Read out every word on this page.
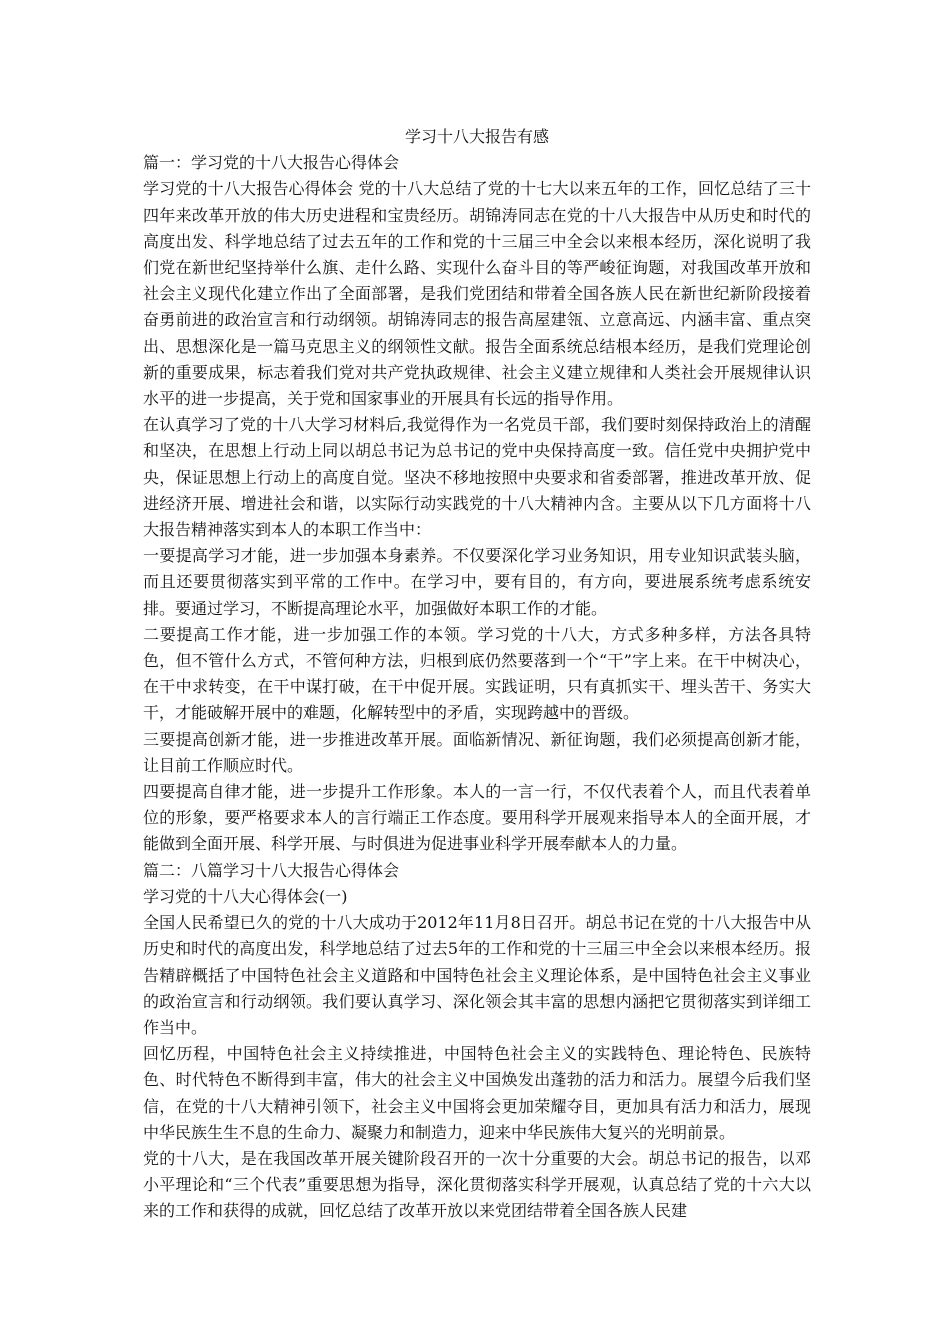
学习十八大报告有感

篇一：学习党的十八大报告心得体会

学习党的十八大报告心得体会 党的十八大总结了党的十七大以来五年的工作，回忆总结了三十四年来改革开放的伟大历史进程和宝贵经历。胡锦涛同志在党的十八大报告中从历史和时代的高度出发、科学地总结了过去五年的工作和党的十三届三中全会以来根本经历，深化说明了我们党在新世纪坚持举什么旗、走什么路、实现什么奋斗目的等严峻征询题，对我国改革开放和社会主义现代化建立作出了全面部署，是我们党团结和带着全国各族人民在新世纪新阶段接着奋勇前进的政治宣言和行动纲领。胡锦涛同志的报告高屋建瓴、立意高远、内涵丰富、重点突出、思想深化是一篇马克思主义的纲领性文献。报告全面系统总结根本经历，是我们党理论创新的重要成果，标志着我们党对共产党执政规律、社会主义建立规律和人类社会开展规律认识水平的进一步提高，关于党和国家事业的开展具有长远的指导作用。

在认真学习了党的十八大学习材料后,我觉得作为一名党员干部，我们要时刻保持政治上的清醒和坚决，在思想上行动上同以胡总书记为总书记的党中央保持高度一致。信任党中央拥护党中央，保证思想上行动上的高度自觉。坚决不移地按照中央要求和省委部署，推进改革开放、促进经济开展、增进社会和谐，以实际行动实践党的十八大精神内含。主要从以下几方面将十八大报告精神落实到本人的本职工作当中：

一要提高学习才能，进一步加强本身素养。不仅要深化学习业务知识，用专业知识武装头脑，而且还要贯彻落实到平常的工作中。在学习中，要有目的，有方向，要进展系统考虑系统安排。要通过学习，不断提高理论水平，加强做好本职工作的才能。

二要提高工作才能，进一步加强工作的本领。学习党的十八大，方式多种多样，方法各具特色，但不管什么方式，不管何种方法，归根到底仍然要落到一个“干”字上来。在干中树决心，在干中求转变，在干中谋打破，在干中促开展。实践证明，只有真抓实干、埋头苦干、务实大干，才能破解开展中的难题，化解转型中的矛盾，实现跨越中的晋级。

三要提高创新才能，进一步推进改革开展。面临新情况、新征询题，我们必须提高创新才能，让目前工作顺应时代。

四要提高自律才能，进一步提升工作形象。本人的一言一行，不仅代表着个人，而且代表着单位的形象，要严格要求本人的言行端正工作态度。要用科学开展观来指导本人的全面开展，才能做到全面开展、科学开展、与时俱进为促进事业科学开展奉献本人的力量。

篇二：八篇学习十八大报告心得体会

学习党的十八大心得体会(一)

全国人民希望已久的党的十八大成功于2012年11月8日召开。胡总书记在党的十八大报告中从历史和时代的高度出发，科学地总结了过去5年的工作和党的十三届三中全会以来根本经历。报告精辟概括了中国特色社会主义道路和中国特色社会主义理论体系，是中国特色社会主义事业的政治宣言和行动纲领。我们要认真学习、深化领会其丰富的思想内涵把它贯彻落实到详细工作当中。

回忆历程，中国特色社会主义持续推进，中国特色社会主义的实践特色、理论特色、民族特色、时代特色不断得到丰富，伟大的社会主义中国焕发出蓬勃的活力和活力。展望今后我们坚信，在党的十八大精神引领下，社会主义中国将会更加荣耀夺目，更加具有活力和活力，展现中华民族生生不息的生命力、凝聚力和制造力，迎来中华民族伟大复兴的光明前景。

党的十八大，是在我国改革开展关键阶段召开的一次十分重要的大会。胡总书记的报告，以邓小平理论和“三个代表”重要思想为指导，深化贯彻落实科学开展观，认真总结了党的十六大以来的工作和获得的成就，回忆总结了改革开放以来党团结带着全国各族人民建
